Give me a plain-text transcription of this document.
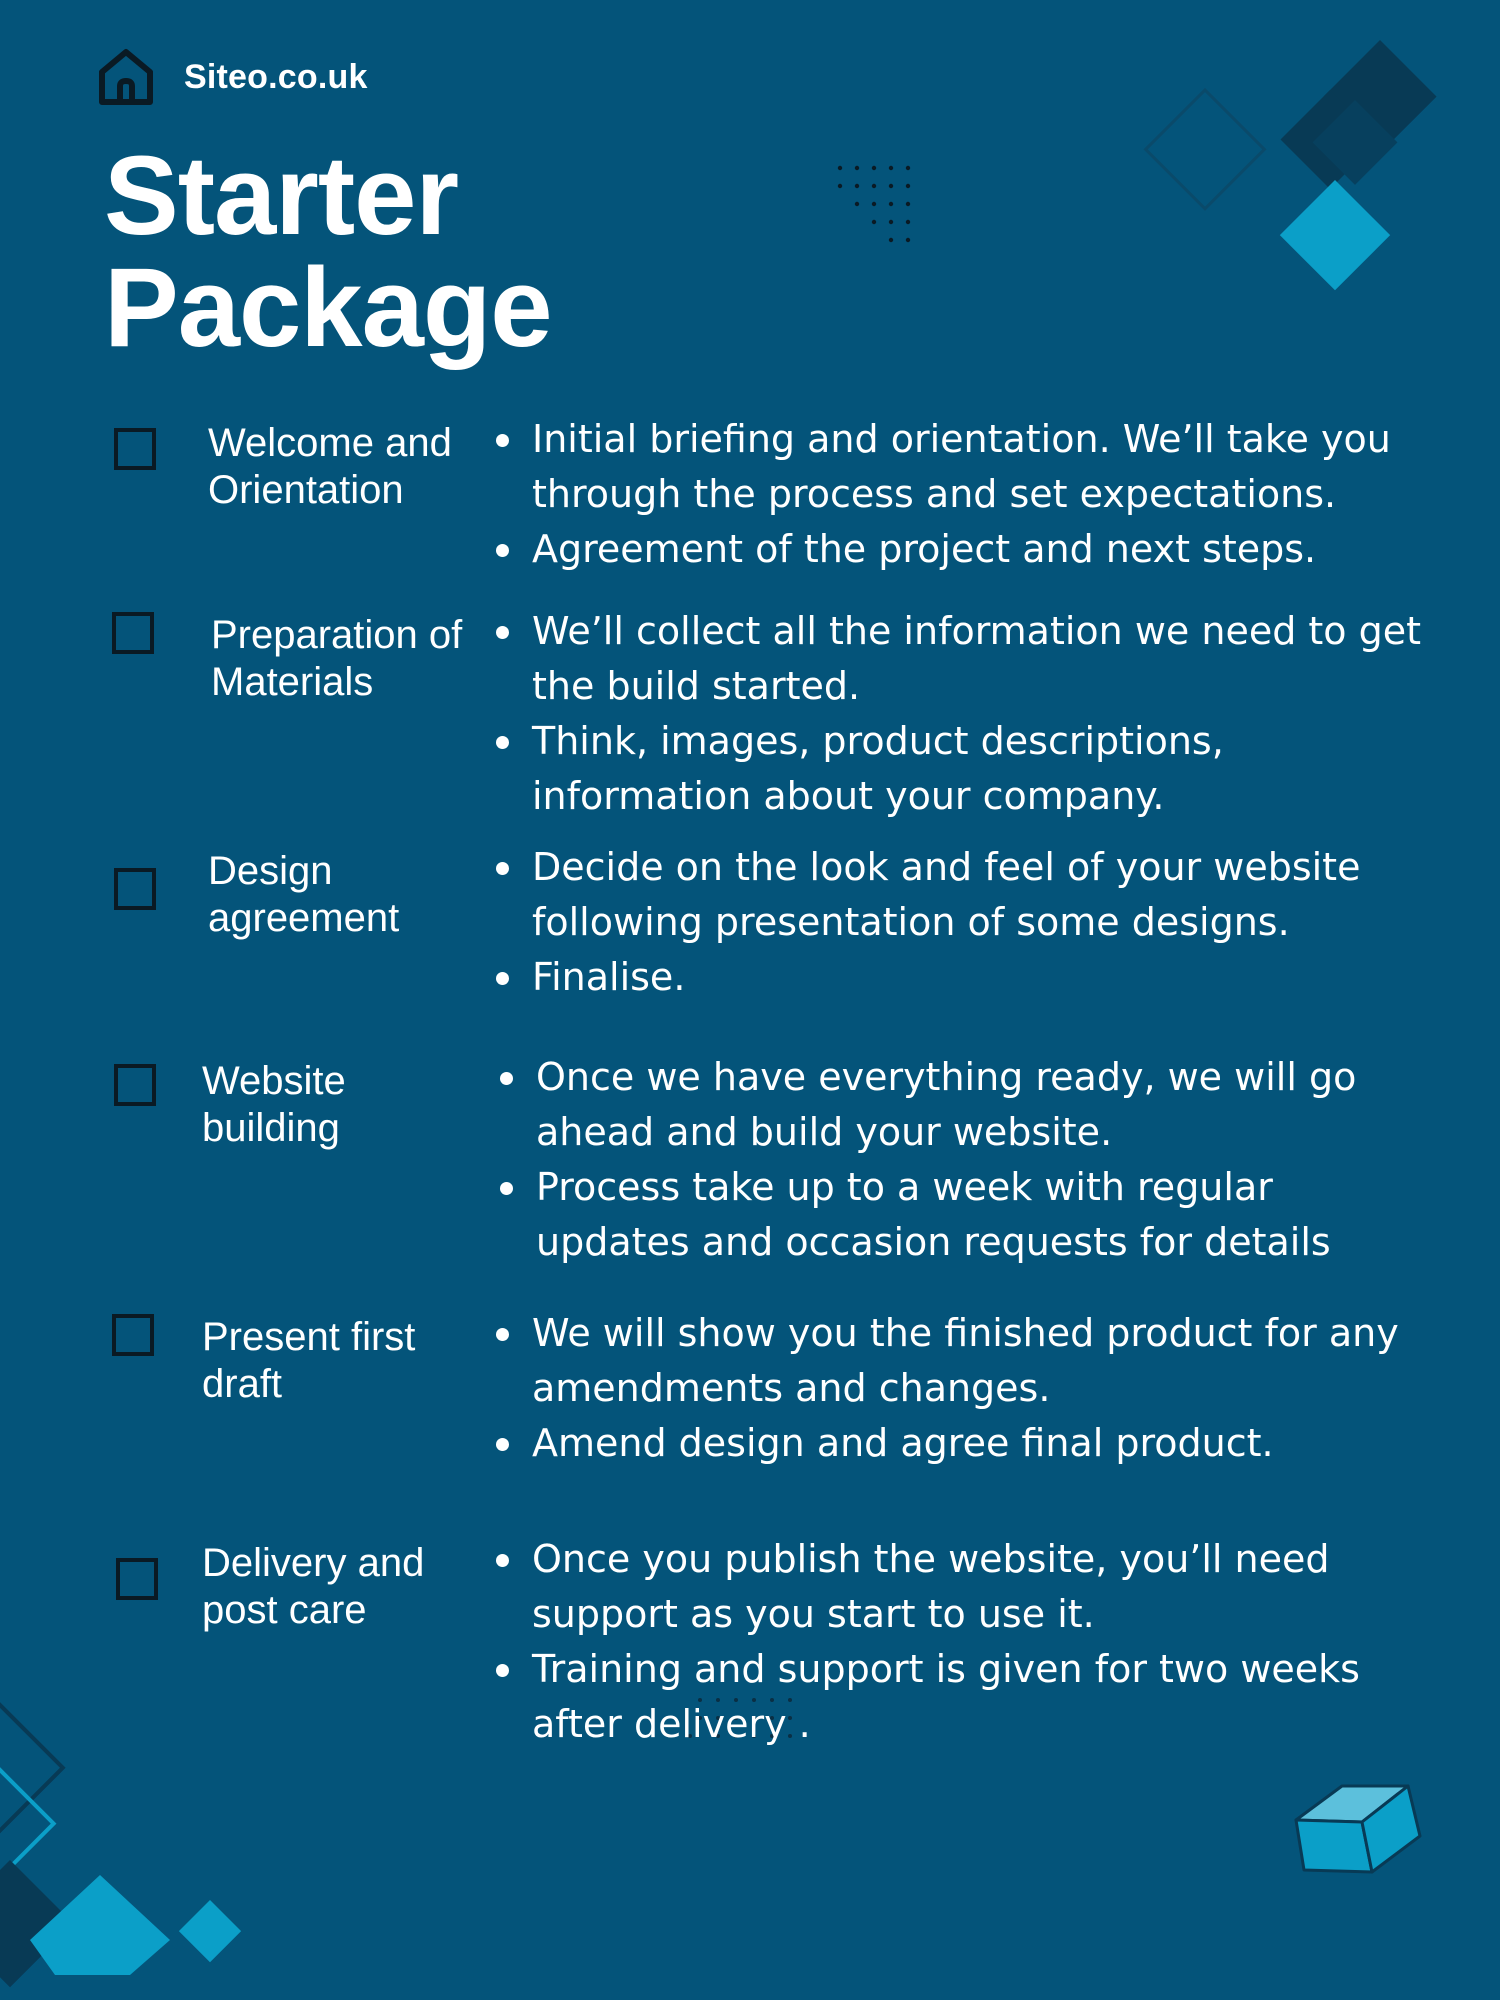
Siteo.co.uk
Starter
Package
Welcome and Orientation
Initial briefing and orientation. We’ll take you through the process and set expectations.
Agreement of the project and next steps.
Preparation of Materials
We’ll collect all the information we need to get the build started.
Think, images, product descriptions, information about your company.
Design agreement
Decide on the look and feel of your website following presentation of some designs.
Finalise.
Website building
Once we have everything ready, we will go ahead and build your website.
Process take up to a week with regular updates and occasion requests for details
Present first draft
We will show you the finished product for any amendments and changes.
Amend design and agree final product.
Delivery and post care
Once you publish the website, you’ll need support as you start to use it.
Training and support is given for two weeks after delivery .
